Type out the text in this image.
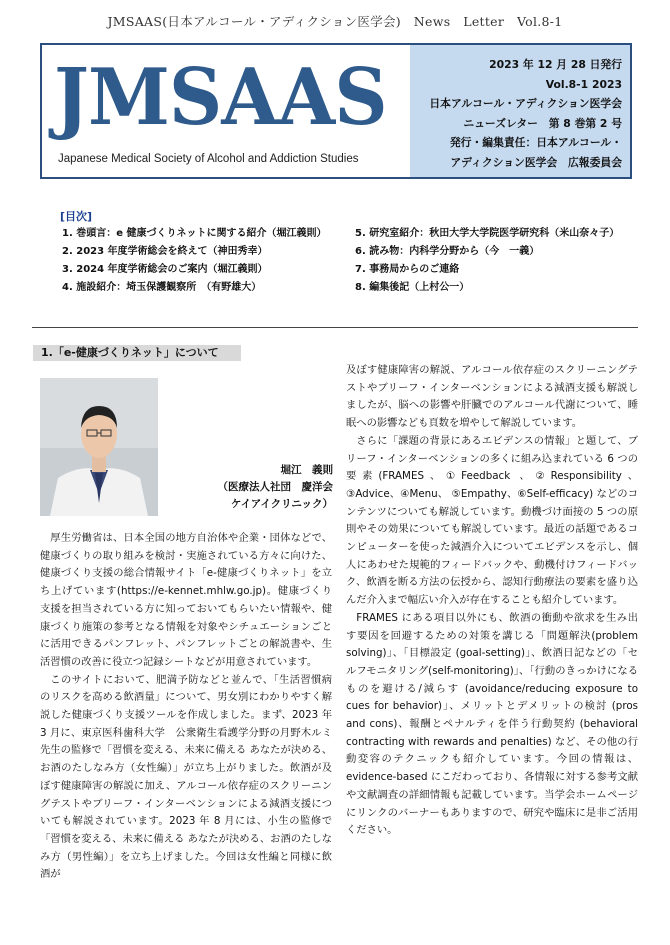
JMSAAS(日本アルコール・アディクション医学会)　News　Letter　Vol.8-1
JMSAAS
Japanese Medical Society of Alcohol and Addiction Studies
2023 年 12 月 28 日発行
Vol.8-1 2023
日本アルコール・アディクション医学会
ニューズレター　第 8 巻第 2 号
発行・編集責任：日本アルコール・
アディクション医学会　広報委員会
[目次]
1. 巻頭言：e 健康づくりネットに関する紹介（堀江義則）
2. 2023 年度学術総会を終えて（神田秀幸）
3. 2024 年度学術総会のご案内（堀江義則）
4. 施設紹介：埼玉保護観察所　（有野雄大）
5. 研究室紹介：秋田大学大学院医学研究科（米山奈々子）
6. 読み物：内科学分野から（今　一義）
7. 事務局からのご連絡
8. 編集後記（上村公一）
1.「e-健康づくりネット」について
堀江　義則
（医療法人社団　慶洋会
ケイアイクリニック）

厚生労働省は、日本全国の地方自治体や企業・団体などで、健康づくりの取り組みを検討・実施されている方々に向けた、健康づくり支援の総合情報サイト「e-健康づくりネット」を立ち上げています(https://e-kennet.mhlw.go.jp)。健康づくり支援を担当されている方に知っておいてもらいたい情報や、健康づくり施策の参考となる情報を対象やシチュエーションごとに活用できるパンフレット、パンフレットごとの解説書や、生活習慣の改善に役立つ記録シートなどが用意されています。

このサイトにおいて、肥満予防などと並んで、「生活習慣病のリスクを高める飲酒量」について、男女別にわかりやすく解説した健康づくり支援ツールを作成しました。まず、2023 年 3 月に、東京医科歯科大学　公衆衛生看護学分野の月野木ルミ先生の監修で「習慣を変える、未来に備える あなたが決める、お酒のたしなみ方（女性編）」が立ち上がりました。飲酒が及ぼす健康障害の解説に加え、アルコール依存症のスクリーニングテストやブリーフ・インターベンションによる減酒支援についても解説されています。2023 年 8 月には、小生の監修で「習慣を変える、未来に備える あなたが決める、お酒のたしなみ方（男性編）」を立ち上げました。今回は女性編と同様に飲酒が

及ぼす健康障害の解説、アルコール依存症のスクリーニングテストやブリーフ・インターベンションによる減酒支援も解説しましたが、脳への影響や肝臓でのアルコール代謝について、睡眠への影響なども頁数を増やして解説しています。

さらに「課題の背景にあるエビデンスの情報」と題して、ブリーフ・インターベンションの多くに組み込まれている 6 つの要素(FRAMES、①Feedback 、②Responsibility、③Advice、④Menu、 ⑤Empathy、⑥Self-efficacy) などのコンテンツについても解説しています。動機づけ面接の 5 つの原則やその効果についても解説しています。最近の話題であるコンピューターを使った減酒介入についてエビデンスを示し、個人にあわせた規範的フィードバックや、動機付けフィードバック、飲酒を断る方法の伝授から、認知行動療法の要素を盛り込んだ介入まで幅広い介入が存在することも紹介しています。

FRAMES にある項目以外にも、飲酒の衝動や欲求を生み出す要因を回避するための対策を講じる「問題解決(problem solving)」、「目標設定 (goal-setting)」、飲酒日記などの「セルフモニタリング(self-monitoring)」、「行動のきっかけになるものを避ける/減らす (avoidance/reducing exposure to cues for behavior)」、メリットとデメリットの検討 (pros and cons)、報酬とペナルティを伴う行動契約 (behavioral contracting with rewards and penalties) など、その他の行動変容のテクニックも紹介しています。今回の情報は、evidence-based にこだわっており、各情報に対する参考文献や文献調査の詳細情報も記載しています。当学会ホームページにリンクのバーナーもありますので、研究や臨床に是非ご活用ください。
